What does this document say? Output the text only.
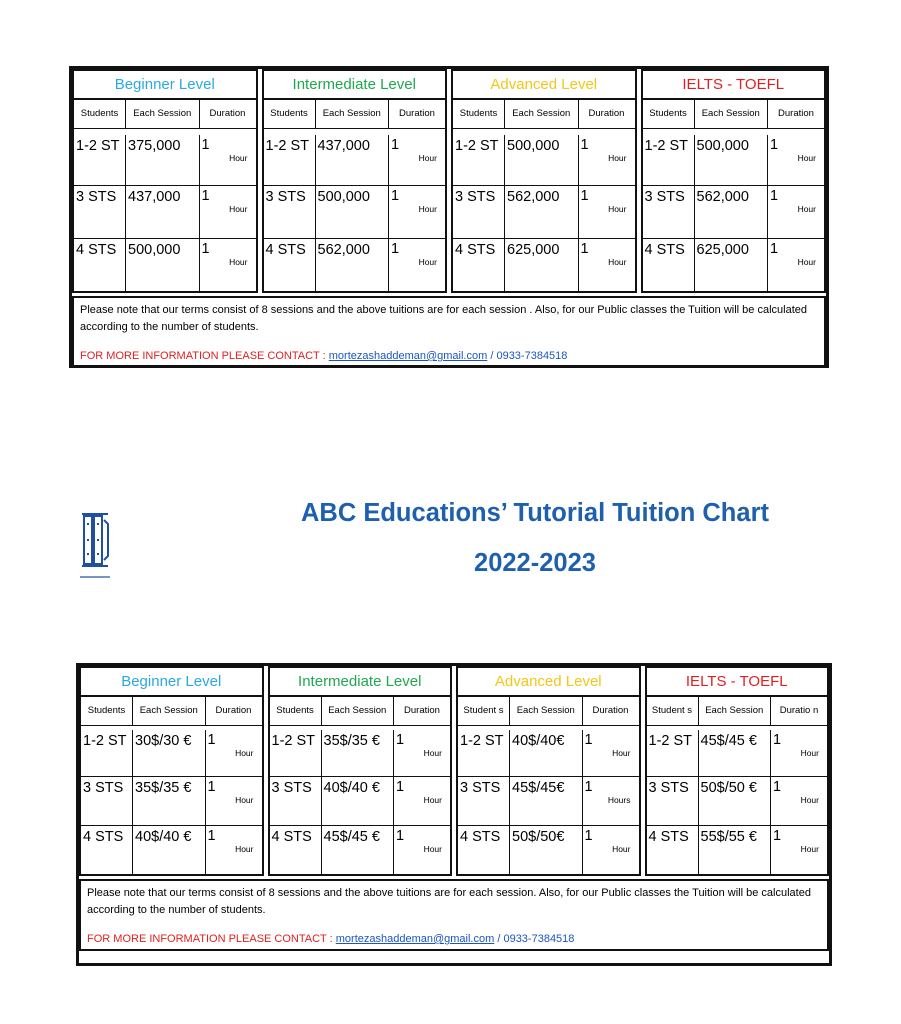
Beginner Level
Students	Each Session	Duration
1-2 ST 375,000	1
Hour
3 STS 437,000	1
Hour
4 STS 500,000	1
Hour
Intermediate Level
Students	Each Session	Duration
1-2 ST 437,000	1
Hour
3 STS 500,000	1
Hour
4 STS 562,000	1
Hour
Advanced Level
Students	Each Session	Duration
1-2 ST 500,000	1
Hour
3 STS 562,000	1
Hour
4 STS 625,000	1
Hour
IELTS - TOEFL
Students	Each Session	Duration
1-2 ST 500,000	1
Hour
3 STS 562,000	1
Hour
4 STS 625,000	1
Hour
Please note that our terms consist of 8 sessions and the above tuitions are for each session . Also, for our Public classes the Tuition will be calculated according to the number of students.
FOR MORE INFORMATION PLEASE CONTACT : mortezashaddeman@gmail.com / 0933-7384518
ABC Educations’ Tutorial Tuition Chart
2022-2023
Beginner Level
Students	Each Session	Duration
1-2 ST 30$/30 €	1
Hour
3 STS 35$/35 €	1
Hour
4 STS 40$/40 €	1
Hour
Intermediate Level
Students	Each Session	Duration
1-2 ST 35$/35 €	1
Hour
3 STS 40$/40 €	1
Hour
4 STS 45$/45 €	1
Hour
Advanced Level
Student s	Each Session	Duration
1-2 ST 40$/40€	1
Hour
3 STS 45$/45€	1
Hours
4 STS 50$/50€	1
Hour
IELTS - TOEFL
Student s	Each Session	Duratio n
1-2 ST 45$/45 €	1
Hour
3 STS 50$/50 €	1
Hour
4 STS 55$/55 €	1
Hour
Please note that our terms consist of 8 sessions and the above tuitions are for each session. Also, for our Public classes the Tuition will be calculated according to the number of students.
FOR MORE INFORMATION PLEASE CONTACT : mortezashaddeman@gmail.com / 0933-7384518
